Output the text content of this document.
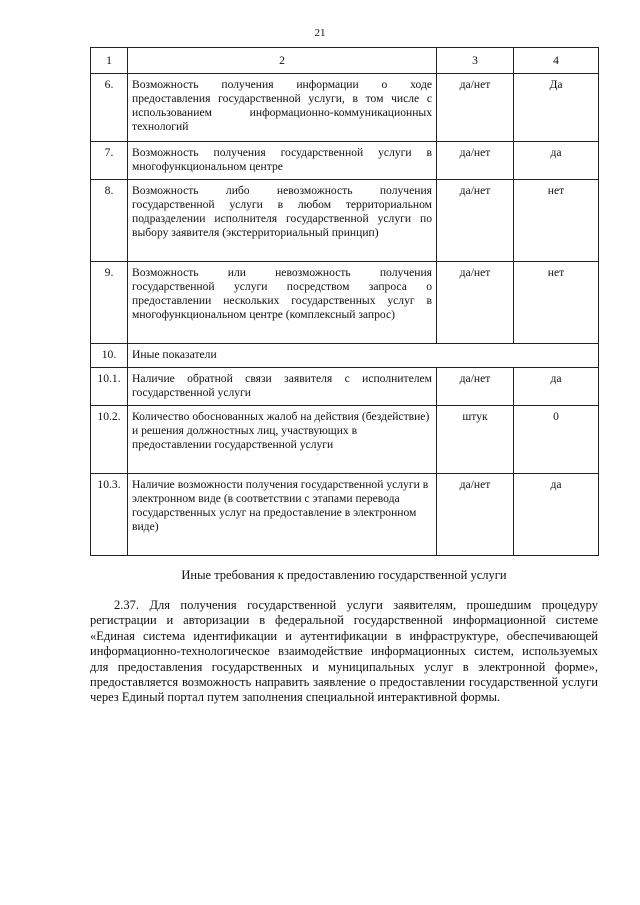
21
1	2	3	4
6.	Возможность получения информации о ходе предоставления государственной услуги, в том числе с использованием информационно-коммуникационных технологий	да/нет	Да
7.	Возможность получения государственной услуги в многофункциональном центре	да/нет	да
8.	Возможность либо невозможность получения государственной услуги в любом территориальном подразделении исполнителя государственной услуги по выбору заявителя (экстерриториальный принцип)	да/нет	нет
9.	Возможность или невозможность получения государственной услуги посредством запроса о предоставлении нескольких государственных услуг в многофункциональном центре (комплексный запрос)	да/нет	нет
10.	Иные показатели		
10.1.	Наличие обратной связи заявителя с исполнителем государственной услуги	да/нет	да
10.2.	Количество обоснованных жалоб на действия (бездействие) и решения должностных лиц, участвующих в предоставлении государственной услуги	штук	0
10.3.	Наличие возможности получения государственной услуги в электронном виде (в соответствии с этапами перевода государственных услуг на предоставление в электронном виде)	да/нет	да
Иные требования к предоставлению государственной услуги

2.37. Для получения государственной услуги заявителям, прошедшим процедуру регистрации и авторизации в федеральной государственной информационной системе «Единая система идентификации и аутентификации в инфраструктуре, обеспечивающей информационно-технологическое взаимодействие информационных систем, используемых для предоставления государственных и муниципальных услуг в электронной форме», предоставляется возможность направить заявление о предоставлении государственной услуги через Единый портал путем заполнения специальной интерактивной формы.
